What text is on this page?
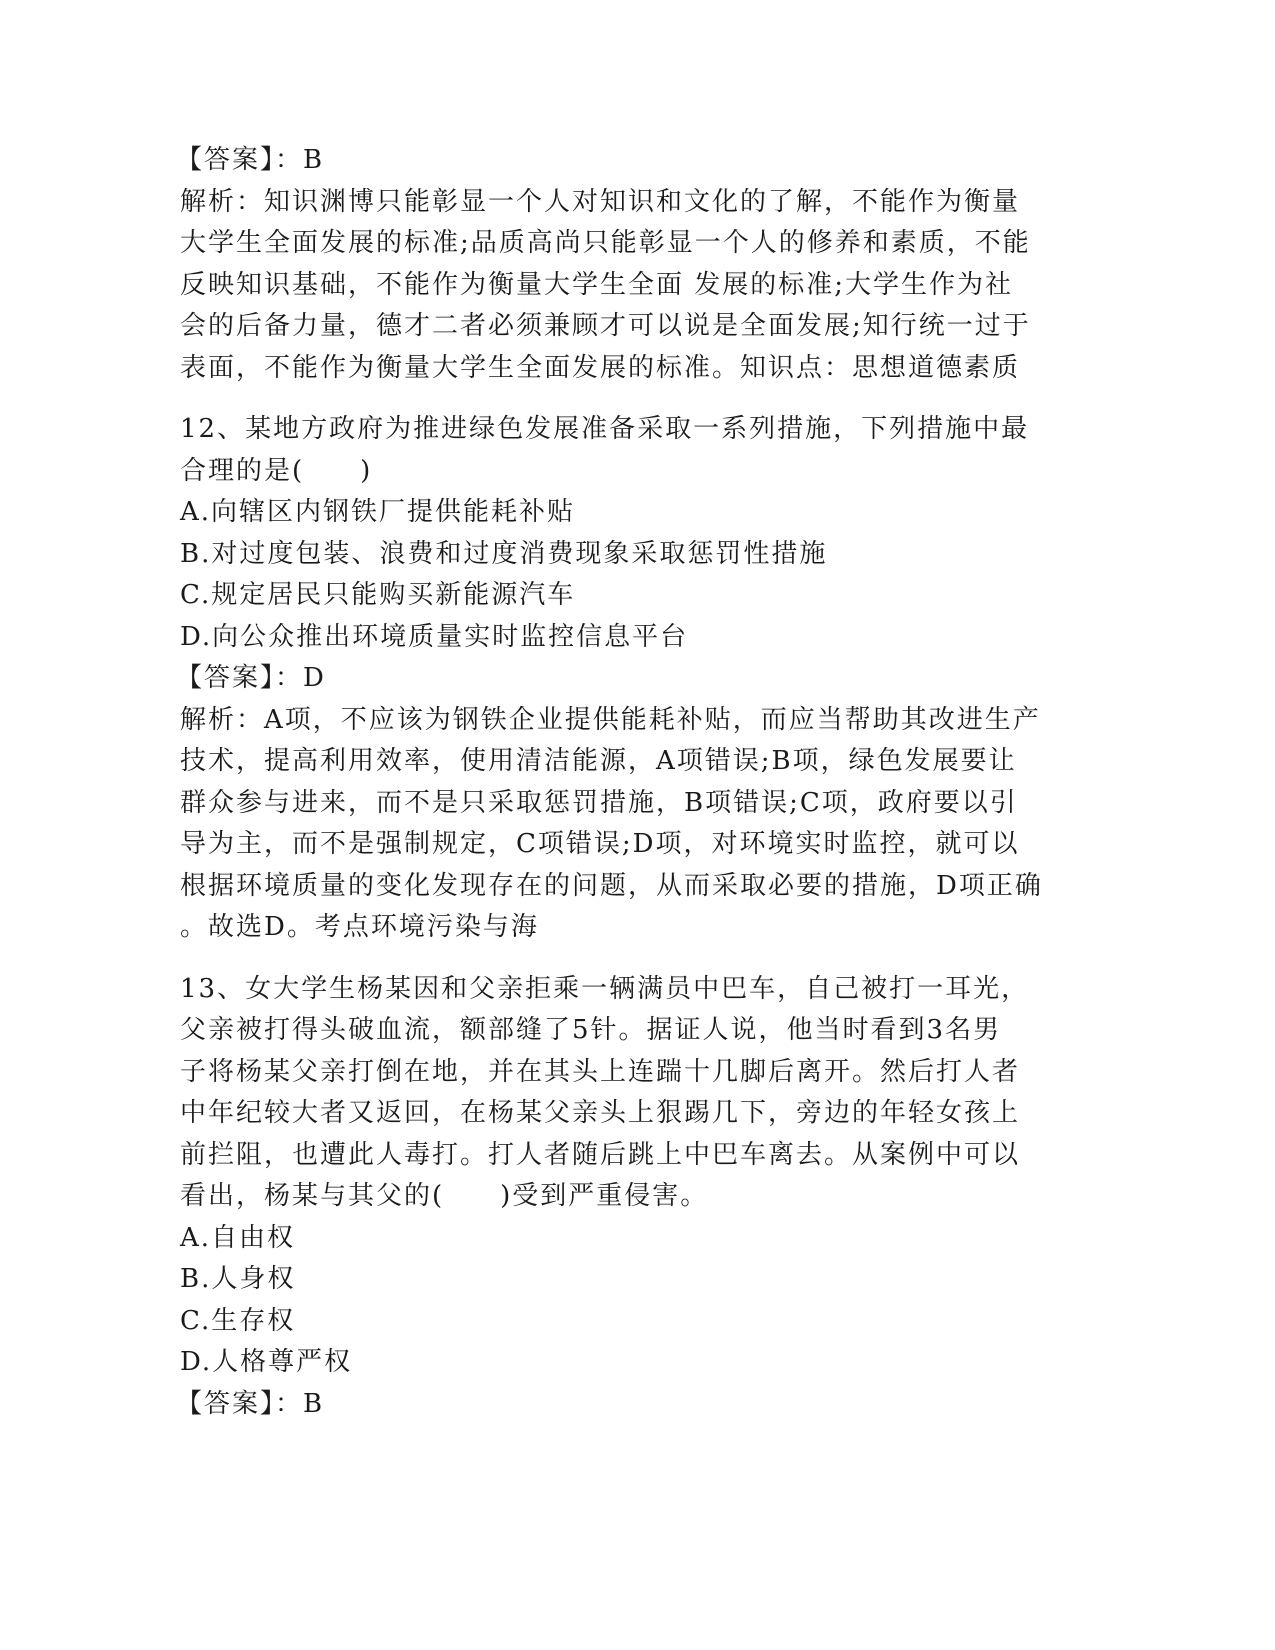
【答案】：B
解析：知识渊博只能彰显一个人对知识和文化的了解，不能作为衡量
大学生全面发展的标准;品质高尚只能彰显一个人的修养和素质，不能
反映知识基础，不能作为衡量大学生全面 发展的标准;大学生作为社
会的后备力量，德才二者必须兼顾才可以说是全面发展;知行统一过于
表面，不能作为衡量大学生全面发展的标准。知识点：思想道德素质
12、某地方政府为推进绿色发展准备采取一系列措施，下列措施中最
合理的是(　　)
A.向辖区内钢铁厂提供能耗补贴
B.对过度包装、浪费和过度消费现象采取惩罚性措施
C.规定居民只能购买新能源汽车
D.向公众推出环境质量实时监控信息平台
【答案】：D
解析：A项，不应该为钢铁企业提供能耗补贴，而应当帮助其改进生产
技术，提高利用效率，使用清洁能源，A项错误;B项，绿色发展要让
群众参与进来，而不是只采取惩罚措施，B项错误;C项，政府要以引
导为主，而不是强制规定，C项错误;D项，对环境实时监控，就可以
根据环境质量的变化发现存在的问题，从而采取必要的措施，D项正确
。故选D。考点环境污染与海
13、女大学生杨某因和父亲拒乘一辆满员中巴车，自己被打一耳光，
父亲被打得头破血流，额部缝了5针。据证人说，他当时看到3名男
子将杨某父亲打倒在地，并在其头上连踹十几脚后离开。然后打人者
中年纪较大者又返回，在杨某父亲头上狠踢几下，旁边的年轻女孩上
前拦阻，也遭此人毒打。打人者随后跳上中巴车离去。从案例中可以
看出，杨某与其父的(　　)受到严重侵害。
A.自由权
B.人身权
C.生存权
D.人格尊严权
【答案】：B
